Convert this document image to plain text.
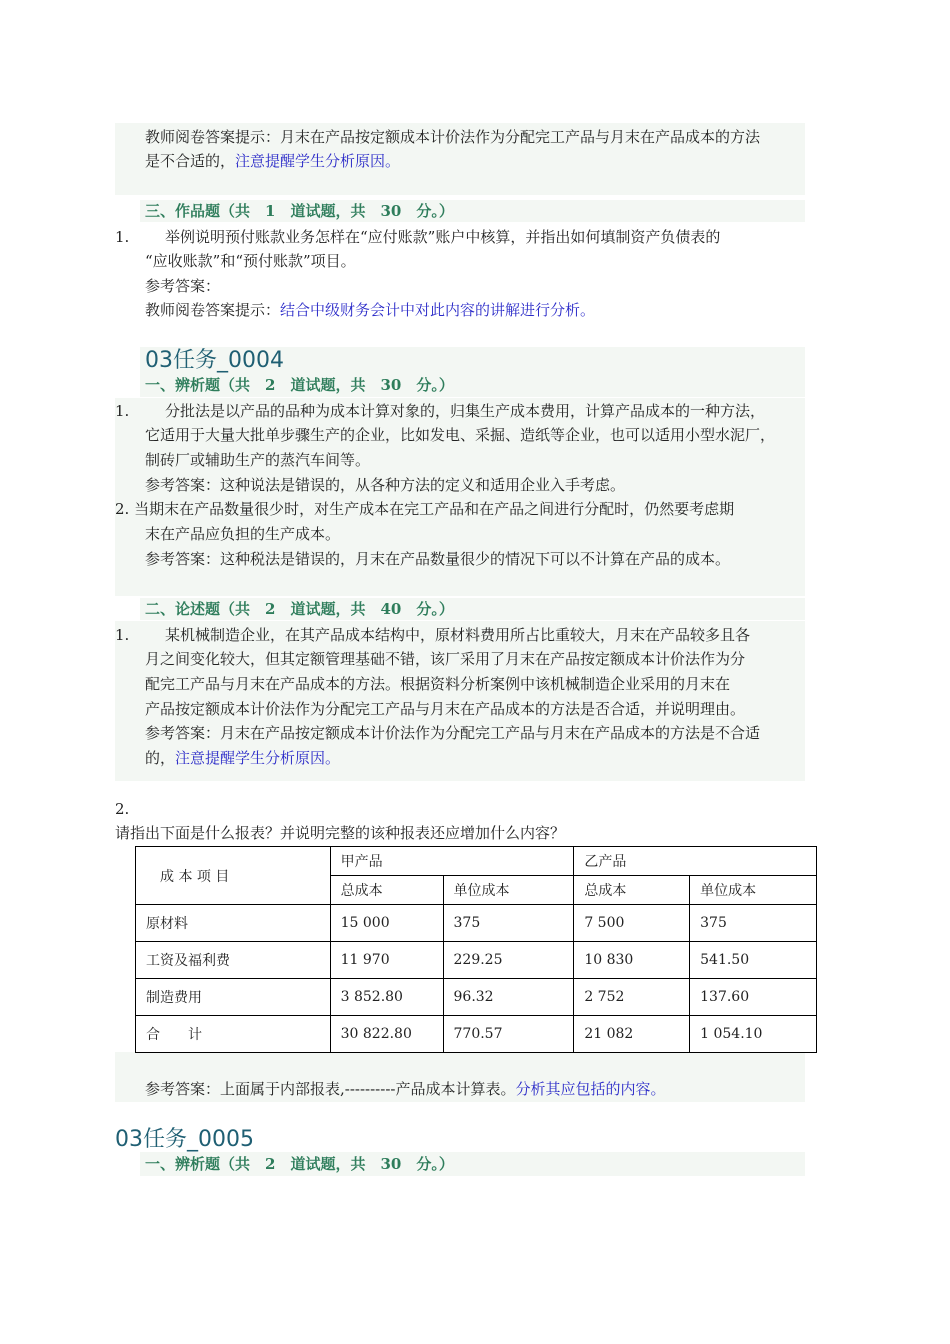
教师阅卷答案提示：月末在产品按定额成本计价法作为分配完工产品与月末在产品成本的方法
是不合适的，注意提醒学生分析原因。
三、作品题（共　1　道试题，共　30　分。）
1. 举例说明预付账款业务怎样在“应付账款”账户中核算，并指出如何填制资产负债表的
“应收账款”和“预付账款”项目。
参考答案：
教师阅卷答案提示：结合中级财务会计中对此内容的讲解进行分析。
03任务_0004
一、辨析题（共　2　道试题，共　30　分。）
1. 分批法是以产品的品种为成本计算对象的，归集生产成本费用，计算产品成本的一种方法，
它适用于大量大批单步骤生产的企业，比如发电、采掘、造纸等企业，也可以适用小型水泥厂，
制砖厂或辅助生产的蒸汽车间等。
参考答案：这种说法是错误的，从各种方法的定义和适用企业入手考虑。
2. 当期末在产品数量很少时，对生产成本在完工产品和在产品之间进行分配时，仍然要考虑期
末在产品应负担的生产成本。
参考答案：这种税法是错误的，月末在产品数量很少的情况下可以不计算在产品的成本。
二、论述题（共　2　道试题，共　40　分。）
1. 某机械制造企业，在其产品成本结构中，原材料费用所占比重较大，月末在产品较多且各
月之间变化较大，但其定额管理基础不错，该厂采用了月末在产品按定额成本计价法作为分
配完工产品与月末在产品成本的方法。根据资料分析案例中该机械制造企业采用的月末在
产品按定额成本计价法作为分配完工产品与月末在产品成本的方法是否合适，并说明理由。
参考答案：月末在产品按定额成本计价法作为分配完工产品与月末在产品成本的方法是不合适
的，注意提醒学生分析原因。
2.
请指出下面是什么报表？并说明完整的该种报表还应增加什么内容？
成 本 项 目	甲产品		乙产品	
	总成本	单位成本	总成本	单位成本
原材料	15 000	375	7 500	375
工资及福利费	11 970	229.25	10 830	541.50
制造费用	3 852.80	96.32	2 752	137.60
合　　计	30 822.80	770.57	21 082	1 054.10
参考答案：上面属于内部报表,----------产品成本计算表。分析其应包括的内容。
03任务_0005
一、辨析题（共　2　道试题，共　30　分。）
